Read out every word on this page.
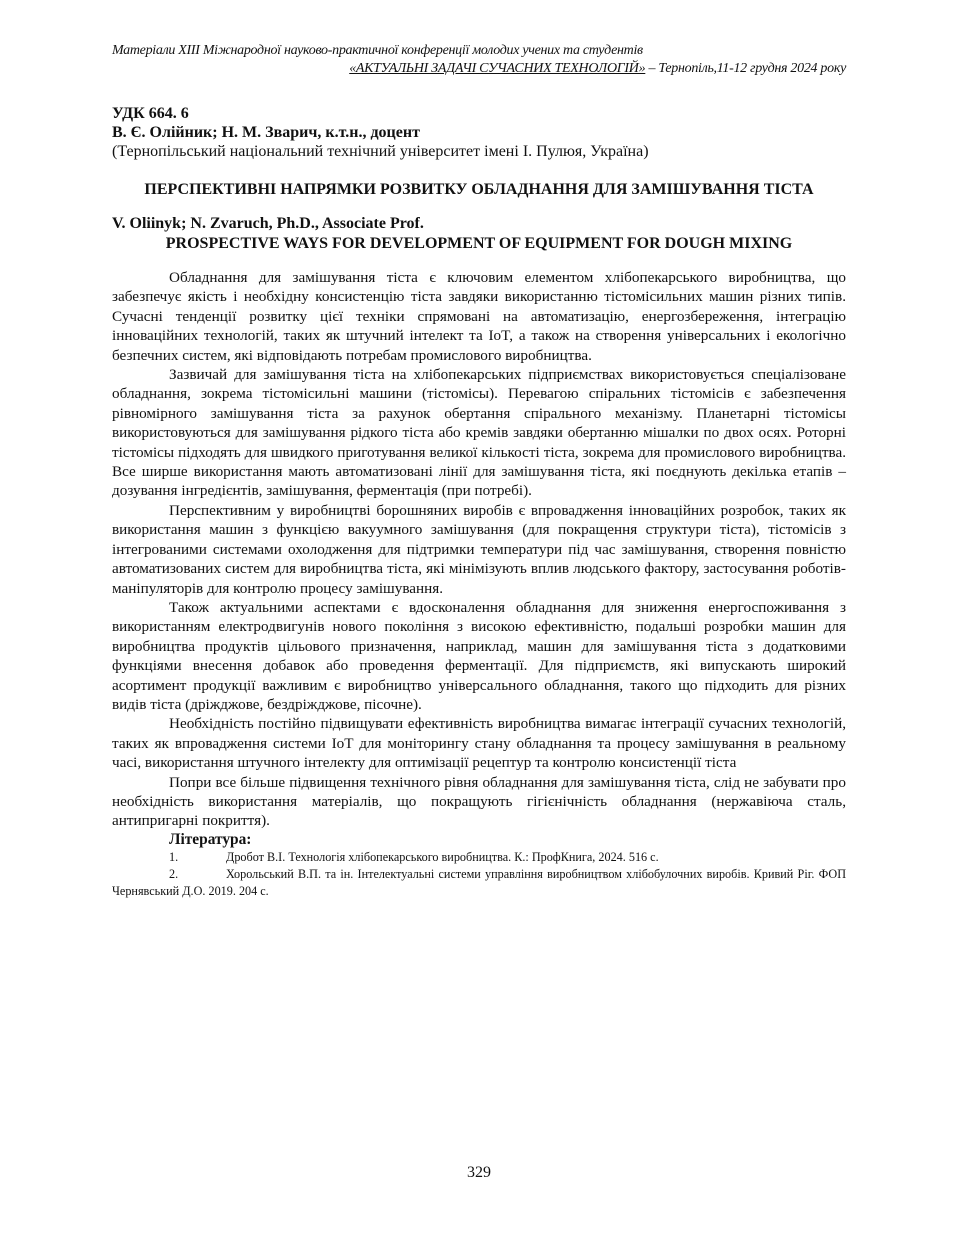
Матеріали XIII Міжнародної науково-практичної конференції молодих учених та студентів
«АКТУАЛЬНІ ЗАДАЧІ СУЧАСНИХ ТЕХНОЛОГІЙ» – Тернопіль,11-12 грудня 2024 року
УДК 664. 6
В. Є. Олійник; Н. М. Зварич, к.т.н., доцент
(Тернопільський національний технічний університет імені І. Пулюя, Україна)
ПЕРСПЕКТИВНІ НАПРЯМКИ РОЗВИТКУ ОБЛАДНАННЯ ДЛЯ ЗАМІШУВАННЯ ТІСТА
V. Oliinyk; N. Zvaruch, Ph.D., Associate Prof.
PROSPECTIVE WAYS FOR DEVELOPMENT OF EQUIPMENT FOR DOUGH MIXING

Обладнання для замішування тіста є ключовим елементом хлібопекарського виробництва, що забезпечує якість і необхідну консистенцію тіста завдяки використанню тістомісильних машин різних типів. Сучасні тенденції розвитку цієї техніки спрямовані на автоматизацію, енергозбереження, інтеграцію інноваційних технологій, таких як штучний інтелект та IoT, а також на створення універсальних і екологічно безпечних систем, які відповідають потребам промислового виробництва.

Зазвичай для замішування тіста на хлібопекарських підприємствах використовується спеціалізоване обладнання, зокрема тістомісильні машини (тістомісы). Перевагою спіральних тістомісів є забезпечення рівномірного замішування тіста за рахунок обертання спірального механізму. Планетарні тістомісы використовуються для замішування рідкого тіста або кремів завдяки обертанню мішалки по двох осях. Роторні тістомісы підходять для швидкого приготування великої кількості тіста, зокрема для промислового виробництва. Все ширше використання мають автоматизовані лінії для замішування тіста, які поєднують декілька етапів – дозування інгредієнтів, замішування, ферментація (при потребі).

Перспективним у виробництві борошняних виробів є впровадження інноваційних розробок, таких як використання машин з функцією вакуумного замішування (для покращення структури тіста), тістомісів з інтегрованими системами охолодження для підтримки температури під час замішування, створення повністю автоматизованих систем для виробництва тіста, які мінімізують вплив людського фактору, застосування роботів-маніпуляторів для контролю процесу замішування.

Також актуальними аспектами є вдосконалення обладнання для зниження енергоспоживання з використанням електродвигунів нового покоління з високою ефективністю, подальші розробки машин для виробництва продуктів цільового призначення, наприклад, машин для замішування тіста з додатковими функціями внесення добавок або проведення ферментації. Для підприємств, які випускають широкий асортимент продукції важливим є виробництво універсального обладнання, такого що підходить для різних видів тіста (дріжджове, бездріжджове, пісочне).

Необхідність постійно підвищувати ефективність виробництва вимагає інтеграції сучасних технологій, таких як впровадження системи IoT для моніторингу стану обладнання та процесу замішування в реальному часі, використання штучного інтелекту для оптимізації рецептур та контролю консистенції тіста

Попри все більше підвищення технічного рівня обладнання для замішування тіста, слід не забувати про необхідність використання матеріалів, що покращують гігієнічність обладнання (нержавіюча сталь, антипригарні покриття).

Література:

1.	Дробот В.І. Технологія хлібопекарського виробництва. К.: ПрофКнига, 2024. 516 с.

2.	Хорольський В.П. та ін. Інтелектуальні системи управління виробництвом хлібобулочних виробів. Кривий Ріг. ФОП Чернявський Д.О. 2019. 204 с.

329
